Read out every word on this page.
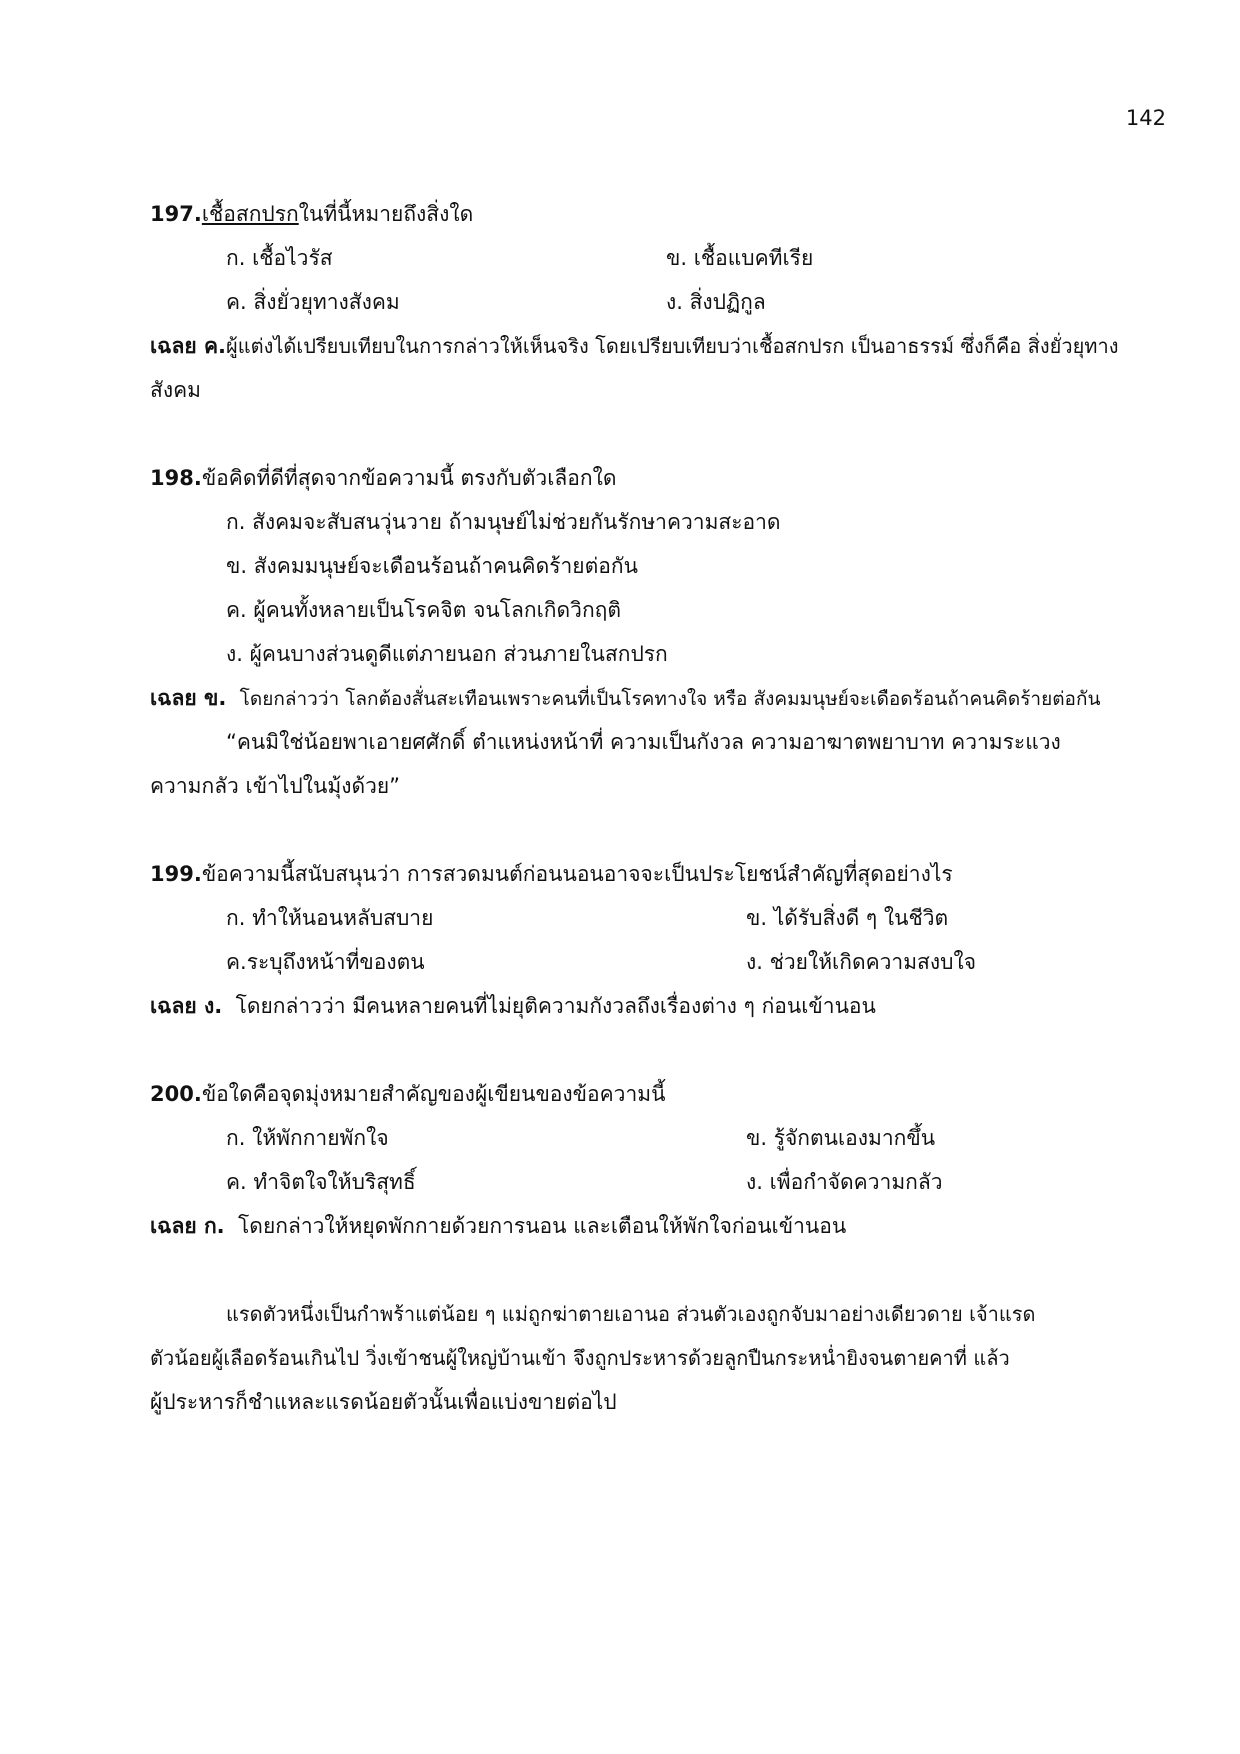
142
197.เชื้อสกปรกในที่นี้หมายถึงสิ่งใด
ก. เชื้อไวรัส	ข. เชื้อแบคทีเรีย
ค. สิ่งยั่วยุทางสังคม	ง. สิ่งปฏิกูล
เฉลย ค.ผู้แต่งได้เปรียบเทียบในการกล่าวให้เห็นจริง โดยเปรียบเทียบว่าเชื้อสกปรก เป็นอาธรรม์ ซึ่งก็คือ สิ่งยั่วยุทาง
สังคม
198.ข้อคิดที่ดีที่สุดจากข้อความนี้ ตรงกับตัวเลือกใด
ก. สังคมจะสับสนวุ่นวาย ถ้ามนุษย์ไม่ช่วยกันรักษาความสะอาด
ข. สังคมมนุษย์จะเดือนร้อนถ้าคนคิดร้ายต่อกัน
ค. ผู้คนทั้งหลายเป็นโรคจิต จนโลกเกิดวิกฤติ
ง. ผู้คนบางส่วนดูดีแต่ภายนอก ส่วนภายในสกปรก
เฉลย ข. โดยกล่าวว่า โลกต้องสั่นสะเทือนเพราะคนที่เป็นโรคทางใจ หรือ สังคมมนุษย์จะเดือดร้อนถ้าคนคิดร้ายต่อกัน
“คนมิใช่น้อยพาเอายศศักดิ์ ตำแหน่งหน้าที่ ความเป็นกังวล ความอาฆาตพยาบาท ความระแวง
ความกลัว เข้าไปในมุ้งด้วย”
199.ข้อความนี้สนับสนุนว่า การสวดมนต์ก่อนนอนอาจจะเป็นประโยชน์สำคัญที่สุดอย่างไร
ก. ทำให้นอนหลับสบาย	ข. ได้รับสิ่งดี ๆ ในชีวิต
ค.ระบุถึงหน้าที่ของตน	ง. ช่วยให้เกิดความสงบใจ
เฉลย ง. โดยกล่าวว่า มีคนหลายคนที่ไม่ยุติความกังวลถึงเรื่องต่าง ๆ ก่อนเข้านอน
200.ข้อใดคือจุดมุ่งหมายสำคัญของผู้เขียนของข้อความนี้
ก. ให้พักกายพักใจ	ข. รู้จักตนเองมากขึ้น
ค. ทำจิตใจให้บริสุทธิ์	ง. เพื่อกำจัดความกลัว
เฉลย ก. โดยกล่าวให้หยุดพักกายด้วยการนอน และเตือนให้พักใจก่อนเข้านอน
แรดตัวหนึ่งเป็นกำพร้าแต่น้อย ๆ แม่ถูกฆ่าตายเอานอ ส่วนตัวเองถูกจับมาอย่างเดียวดาย เจ้าแรด
ตัวน้อยผู้เลือดร้อนเกินไป วิ่งเข้าชนผู้ใหญ่บ้านเข้า จึงถูกประหารด้วยลูกปืนกระหน่ำยิงจนตายคาที่ แล้ว
ผู้ประหารก็ชำแหละแรดน้อยตัวนั้นเพื่อแบ่งขายต่อไป
